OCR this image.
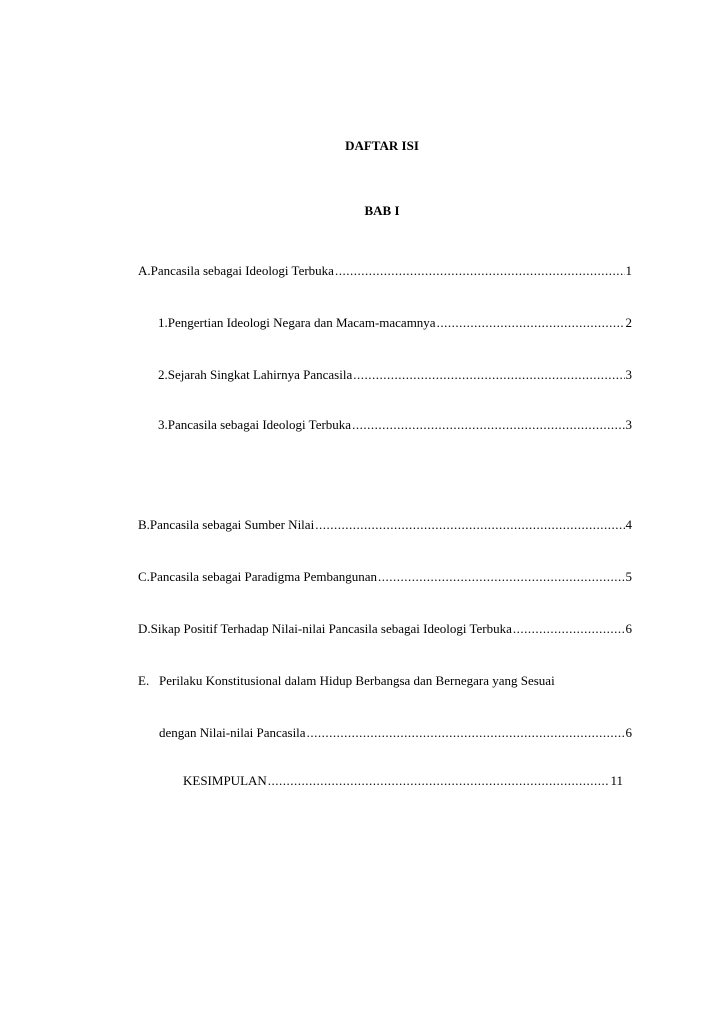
DAFTAR ISI
BAB I
A. Pancasila sebagai Ideologi Terbuka .....	1
1. Pengertian Ideologi Negara dan Macam-macamnya .....	2
2. Sejarah Singkat Lahirnya Pancasila .....	3
3. Pancasila sebagai Ideologi Terbuka .....	3
B. Pancasila sebagai Sumber Nilai .....	4
C. Pancasila sebagai Paradigma Pembangunan .....	5
D. Sikap Positif Terhadap Nilai-nilai Pancasila sebagai Ideologi Terbuka .....	6
E. Perilaku Konstitusional dalam Hidup Berbangsa dan Bernegara yang Sesuai
dengan Nilai-nilai Pancasila .....	6
KESIMPULAN .....	11
